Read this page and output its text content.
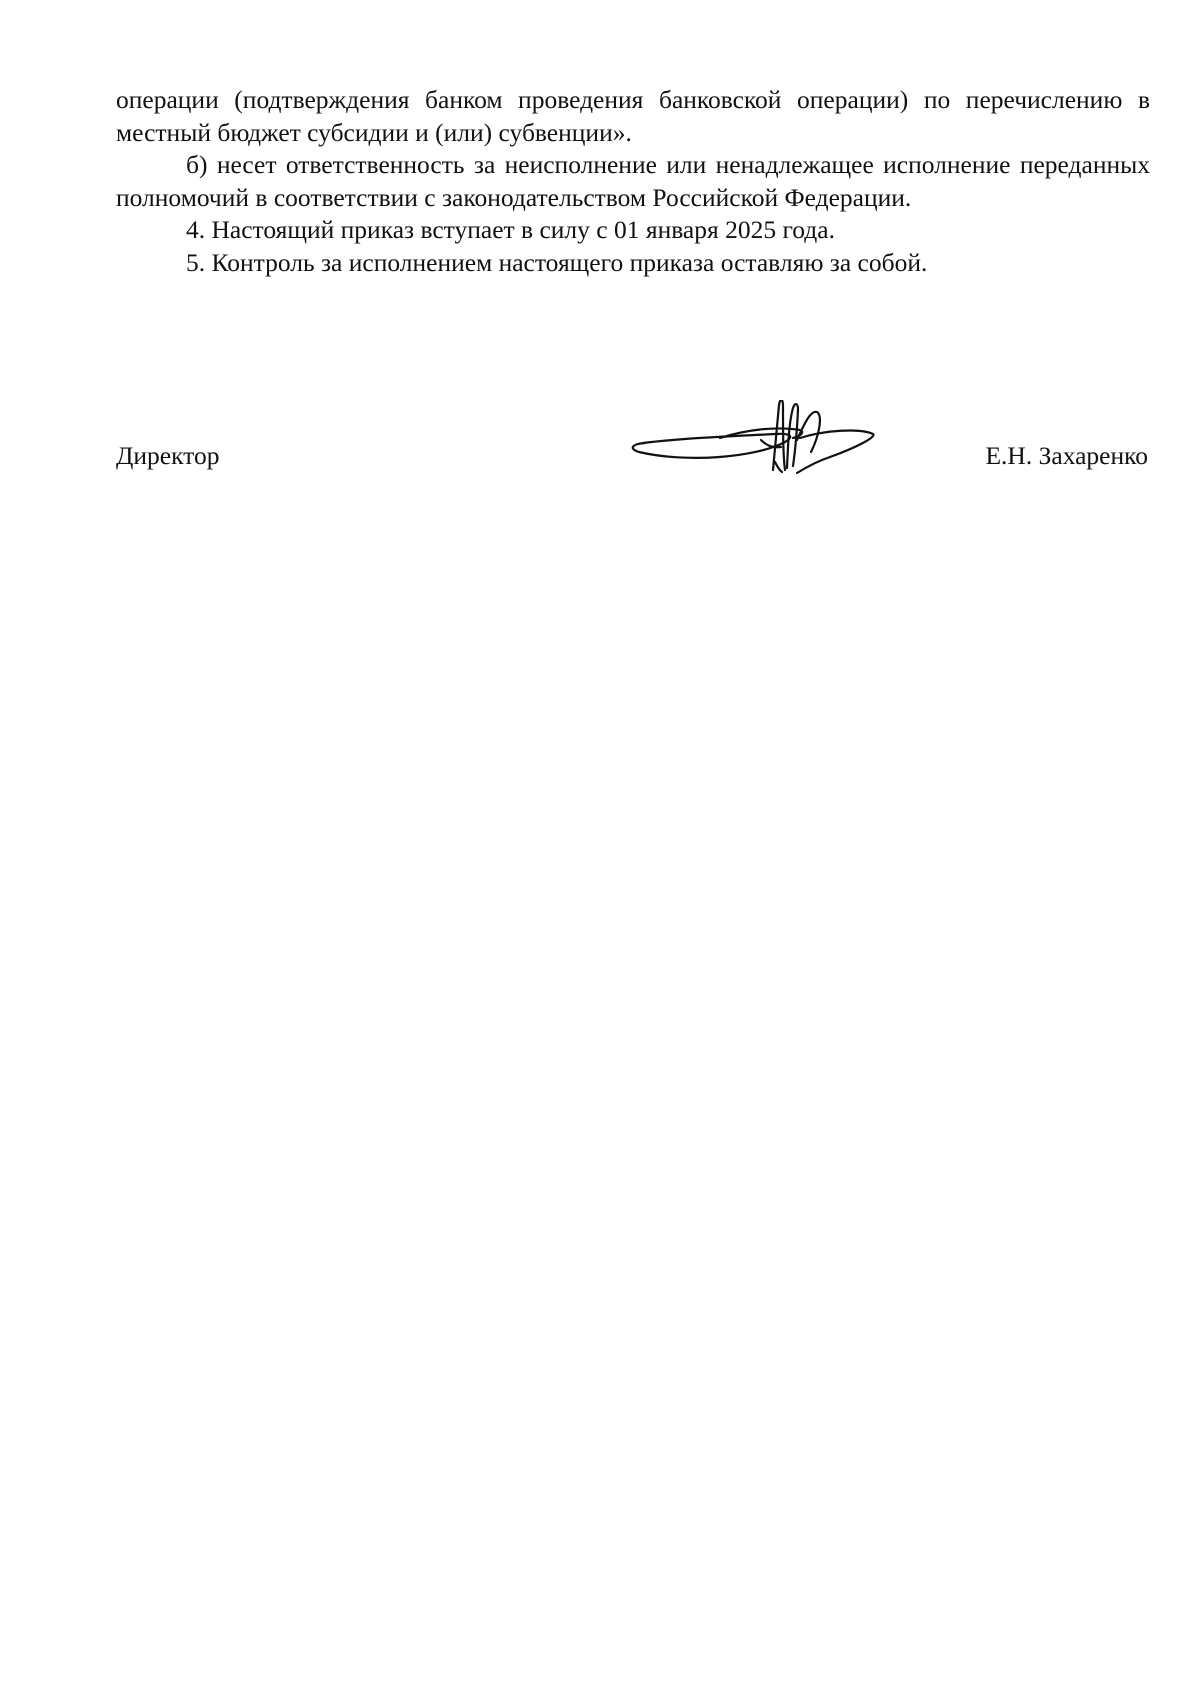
операции (подтверждения банком проведения банковской операции) по перечислению в местный бюджет субсидии и (или) субвенции».

б) несет ответственность за неисполнение или ненадлежащее исполнение переданных полномочий в соответствии с законодательством Российской Федерации.

4. Настоящий приказ вступает в силу с 01 января 2025 года.

5. Контроль за исполнением настоящего приказа оставляю за собой.

Директор	Е.Н. Захаренко
